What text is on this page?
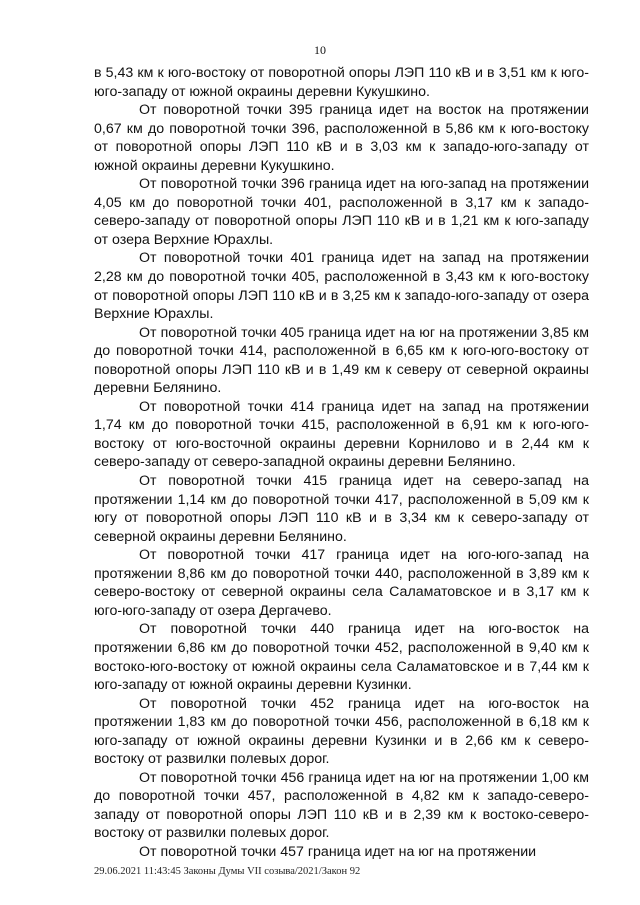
10

в 5,43 км к юго-востоку от поворотной опоры ЛЭП 110 кВ и в 3,51 км к юго-юго-западу от южной окраины деревни Кукушкино.

От поворотной точки 395 граница идет на восток на протяжении 0,67 км до поворотной точки 396, расположенной в 5,86 км к юго-востоку от поворотной опоры ЛЭП 110 кВ и в 3,03 км к западо-юго-западу от южной окраины деревни Кукушкино.

От поворотной точки 396 граница идет на юго-запад на протяжении 4,05 км до поворотной точки 401, расположенной в 3,17 км к западо-северо-западу от поворотной опоры ЛЭП 110 кВ и в 1,21 км к юго-западу от озера Верхние Юрахлы.

От поворотной точки 401 граница идет на запад на протяжении 2,28 км до поворотной точки 405, расположенной в 3,43 км к юго-востоку от поворотной опоры ЛЭП 110 кВ и в 3,25 км к западо-юго-западу от озера Верхние Юрахлы.

От поворотной точки 405 граница идет на юг на протяжении 3,85 км до поворотной точки 414, расположенной в 6,65 км к юго-юго-востоку от поворотной опоры ЛЭП 110 кВ и в 1,49 км к северу от северной окраины деревни Белянино.

От поворотной точки 414 граница идет на запад на протяжении 1,74 км до поворотной точки 415, расположенной в 6,91 км к юго-юго-востоку от юго-восточной окраины деревни Корнилово и в 2,44 км к северо-западу от северо-западной окраины деревни Белянино.

От поворотной точки 415 граница идет на северо-запад на протяжении 1,14 км до поворотной точки 417, расположенной в 5,09 км к югу от поворотной опоры ЛЭП 110 кВ и в 3,34 км к северо-западу от северной окраины деревни Белянино.

От поворотной точки 417 граница идет на юго-юго-запад на протяжении 8,86 км до поворотной точки 440, расположенной в 3,89 км к северо-востоку от северной окраины села Саламатовское и в 3,17 км к юго-юго-западу от озера Дергачево.

От поворотной точки 440 граница идет на юго-восток на протяжении 6,86 км до поворотной точки 452, расположенной в 9,40 км к востоко-юго-востоку от южной окраины села Саламатовское и в 7,44 км к юго-западу от южной окраины деревни Кузинки.

От поворотной точки 452 граница идет на юго-восток на протяжении 1,83 км до поворотной точки 456, расположенной в 6,18 км к юго-западу от южной окраины деревни Кузинки и в 2,66 км к северо-востоку от развилки полевых дорог.

От поворотной точки 456 граница идет на юг на протяжении 1,00 км до поворотной точки 457, расположенной в 4,82 км к западо-северо-западу от поворотной опоры ЛЭП 110 кВ и в 2,39 км к востоко-северо-востоку от развилки полевых дорог.

От поворотной точки 457 граница идет на юг на протяжении

29.06.2021 11:43:45 Законы Думы VII созыва/2021/Закон 92
